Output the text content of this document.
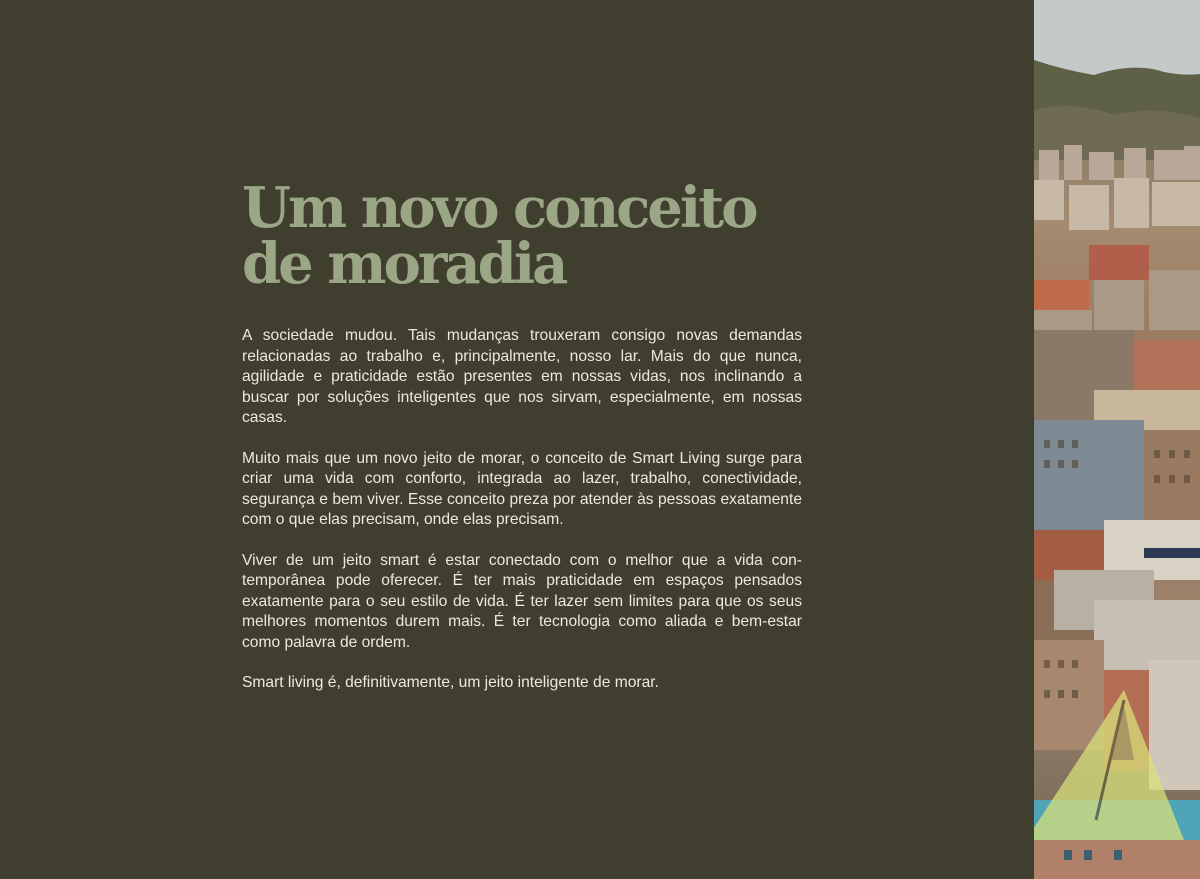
Um novo conceito
de moradia

A sociedade mudou. Tais mudanças trouxeram consigo novas demandas relacionadas ao trabalho e, principalmente, nosso lar. Mais do que nunca, agilidade e praticidade estão presentes em nossas vidas, nos inclinando a buscar por soluções inteligentes que nos sirvam, especialmente, em nossas casas.

Muito mais que um novo jeito de morar, o conceito de Smart Living surge para criar uma vida com conforto, integrada ao lazer, trabalho, conectividade, segurança e bem viver. Esse conceito preza por atender às pessoas exatamente com o que elas precisam, onde elas precisam.

Viver de um jeito smart é estar conectado com o melhor que a vida contemporânea pode oferecer. É ter mais praticidade em espaços pensados exatamente para o seu estilo de vida. É ter lazer sem limites para que os seus melhores momentos durem mais. É ter tecnologia como aliada e bem-estar como palavra de ordem.

Smart living é, definitivamente, um jeito inteligente de morar.
